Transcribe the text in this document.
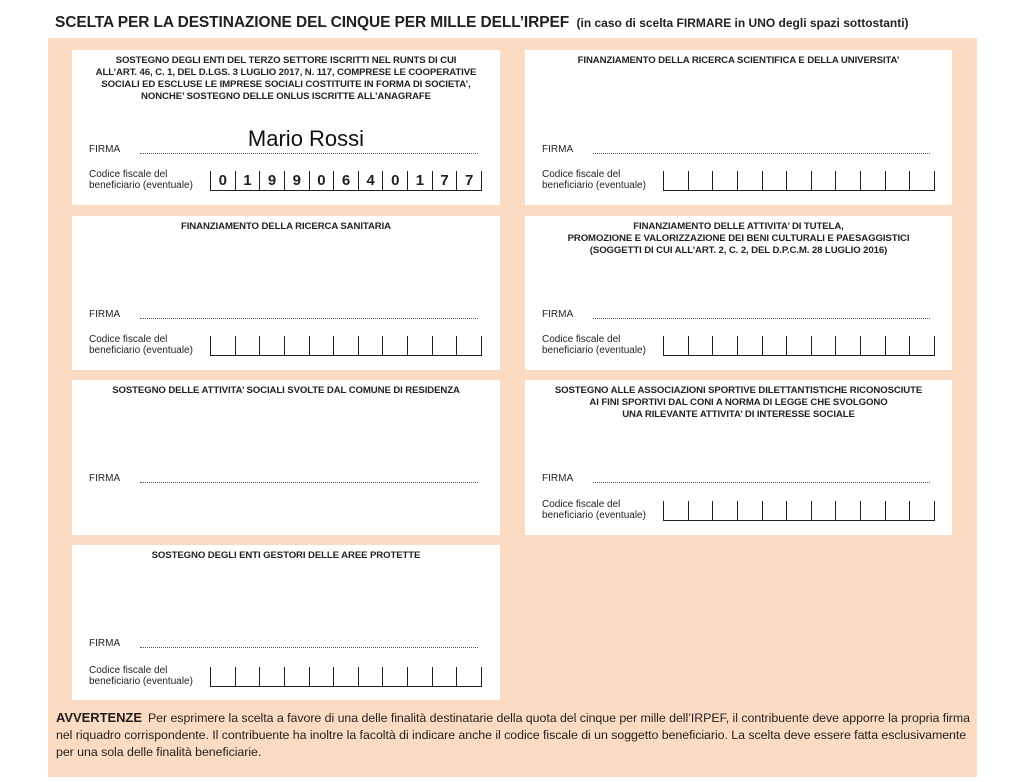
SCELTA PER LA DESTINAZIONE DEL CINQUE PER MILLE DELL’IRPEF (in caso di scelta FIRMARE in UNO degli spazi sottostanti)
SOSTEGNO DEGLI ENTI DEL TERZO SETTORE ISCRITTI NEL RUNTS DI CUI
ALL’ART. 46, C. 1, DEL D.LGS. 3 LUGLIO 2017, N. 117, COMPRESE LE COOPERATIVE
SOCIALI ED ESCLUSE LE IMPRESE SOCIALI COSTITUITE IN FORMA DI SOCIETA’,
NONCHE’ SOSTEGNO DELLE ONLUS ISCRITTE ALL’ANAGRAFE
Mario Rossi
FIRMA
Codice fiscale del
beneficiario (eventuale)	0	1	9	9	0	6	4	0	1	7	7
FINANZIAMENTO DELLA RICERCA SCIENTIFICA E DELLA UNIVERSITA’
FIRMA
Codice fiscale del
beneficiario (eventuale)
FINANZIAMENTO DELLA RICERCA SANITARIA
FIRMA
Codice fiscale del
beneficiario (eventuale)
FINANZIAMENTO DELLE ATTIVITA’ DI TUTELA,
PROMOZIONE E VALORIZZAZIONE DEI BENI CULTURALI E PAESAGGISTICI
(SOGGETTI DI CUI ALL’ART. 2, C. 2, DEL D.P.C.M. 28 LUGLIO 2016)
FIRMA
Codice fiscale del
beneficiario (eventuale)
SOSTEGNO DELLE ATTIVITA’ SOCIALI SVOLTE DAL COMUNE DI RESIDENZA
FIRMA
SOSTEGNO ALLE ASSOCIAZIONI SPORTIVE DILETTANTISTICHE RICONOSCIUTE
AI FINI SPORTIVI DAL CONI A NORMA DI LEGGE CHE SVOLGONO
UNA RILEVANTE ATTIVITA’ DI INTERESSE SOCIALE
FIRMA
Codice fiscale del
beneficiario (eventuale)
SOSTEGNO DEGLI ENTI GESTORI DELLE AREE PROTETTE
FIRMA
Codice fiscale del
beneficiario (eventuale)
AVVERTENZE Per esprimere la scelta a favore di una delle finalità destinatarie della quota del cinque per mille dell’IRPEF, il contribuente deve apporre la propria firma nel riquadro corrispondente. Il contribuente ha inoltre la facoltà di indicare anche il codice fiscale di un soggetto beneficiario. La scelta deve essere fatta esclusivamente per una sola delle finalità beneficiarie.
